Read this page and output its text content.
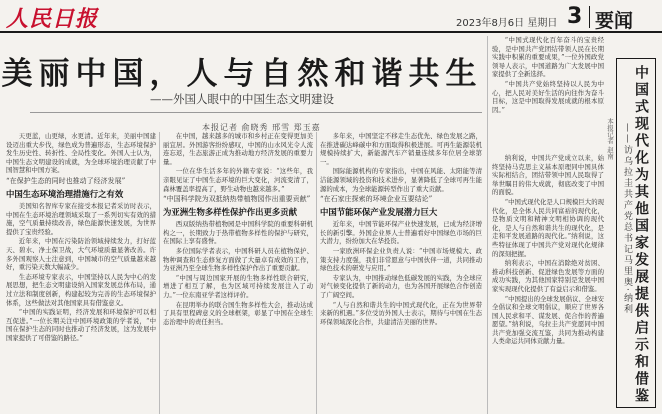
人民日报	2023年8月6日 星期日 3 要闻
美丽中国，人与自然和谐共生
——外国人眼中的中国生态文明建设
本报记者 俞晓秀 邢雪 郑玉嘉

天更蓝，山更绿，水更清。近年来，美丽中国建设迈出重大步伐，绿色成为普遍形态，生态环境保护发生历史性、转折性、全局性变化。外国人士认为，中国生态文明建设的成就，为全球环境治理贡献了中国智慧和中国方案。

“在保护生态的同时也推动了经济发展”
中国生态环境治理措施行之有效

美国知名智库专家在接受本报记者采访时表示，中国在生态环境治理领域采取了一系列切实有效的措施，空气质量持续改善，绿色能源快速发展，为世界提供了宝贵经验。

近年来，中国在污染防治领域持续发力，打好蓝天、碧水、净土保卫战，大气环境质量显著改善。许多外国观察人士注意到，中国城市的空气质量越来越好，重污染天数大幅减少。

生态环境专家表示，中国坚持以人民为中心的发展思想，把生态文明建设纳入国家发展总体布局，通过立法和制度创新，构建起较为完善的生态环境保护体系，这些做法对其他国家具有借鉴意义。

“中国的实践证明，经济发展和环境保护可以相互促进。”一位长期关注中国环境政策的学者说，“中国在保护生态的同时也推动了经济发展，这为发展中国家提供了可借鉴的路径。”

在中国，越来越多的城市和乡村正在变得更加美丽宜居。外国游客纷纷感叹，中国的山水风光令人流连忘返，生态旅游正成为推动地方经济发展的重要力量。

一位在华生活多年的外籍专家说：“这些年，我亲眼见证了中国生态环境的巨大变化，河流变清了，森林覆盖率提高了，野生动物也越来越多。”

“中国科学院为双抵纳热带植物园作出重要贡献”
为亚洲生物多样性保护作出更多贡献

西双版纳热带植物园是中国科学院的重要科研机构之一，长期致力于热带植物多样性的保护与研究，在国际上享有盛誉。

多位国际学者表示，中国科研人员在植物保护、物种调查和生态修复方面做了大量卓有成效的工作，为亚洲乃至全球生物多样性保护作出了重要贡献。

“中国与周边国家开展的生物多样性联合研究，增进了相互了解，也为区域可持续发展注入了动力。”一位东南亚学者这样评价。

在昆明举办的联合国生物多样性大会，推动达成了具有里程碑意义的全球框架，彰显了中国在全球生态治理中的责任担当。

多年来，中国坚定不移走生态优先、绿色发展之路，在推进碳达峰碳中和方面取得积极进展。可再生能源装机规模持续扩大，新能源汽车产销量连续多年位居全球第一。

国际能源机构的专家指出，中国在风能、太阳能等清洁能源领域的投资和技术进步，显著降低了全球可再生能源的成本，为全球能源转型作出了重大贡献。

“在石家庄探索的环境企业互要结论”
中国节能环保产业发展潜力巨大

近年来，中国节能环保产业快速发展，已成为经济增长的新引擎。外国企业界人士普遍看好中国绿色市场的巨大潜力，纷纷加大在华投资。

一家欧洲环保企业负责人说：“中国市场规模大、政策支持力度强，我们非常愿意与中国伙伴一道，共同推动绿色技术的研发与应用。”

专家认为，中国推动绿色低碳发展的实践，为全球应对气候变化提供了新的动力，也为各国开展绿色合作创造了广阔空间。

“人与自然和谐共生的中国式现代化，正在为世界带来新的机遇。”多位受访外国人士表示，期待与中国在生态环保领域深化合作，共建清洁美丽的世界。

“中国式现代化百年奋斗的宝贵经验，是中国共产党团结带领人民在长期实践中积累的重要成果，”一位外国政党领导人表示，中国道路为广大发展中国家提供了全新选择。

“中国共产党始终坚持以人民为中心，把人民对美好生活的向往作为奋斗目标，这是中国取得发展成就的根本原因。”

纳利说，中国共产党成立以来，始终坚持马克思主义基本原理同中国具体实际相结合，团结带领中国人民取得了举世瞩目的伟大成就，彻底改变了中国的面貌。

“中国式现代化是人口规模巨大的现代化，是全体人民共同富裕的现代化，是物质文明和精神文明相协调的现代化，是人与自然和谐共生的现代化，是走和平发展道路的现代化。”纳利说，这些特征体现了中国共产党对现代化规律的深刻把握。

纳利表示，中国在消除绝对贫困、推动科技创新、促进绿色发展等方面的成功实践，为其他国家特别是发展中国家实现现代化提供了有益启示和借鉴。

“中国提出的全球发展倡议、全球安全倡议和全球文明倡议，顺应了世界各国人民求和平、谋发展、促合作的普遍愿望。”纳利说，乌拉圭共产党愿同中国共产党加强交流互鉴，共同为推动构建人类命运共同体贡献力量。

本报记者 赵南 中国式现代化为其他国家发展提供启示和借鉴
——访乌拉圭共产党总书记马里奥·纳利
